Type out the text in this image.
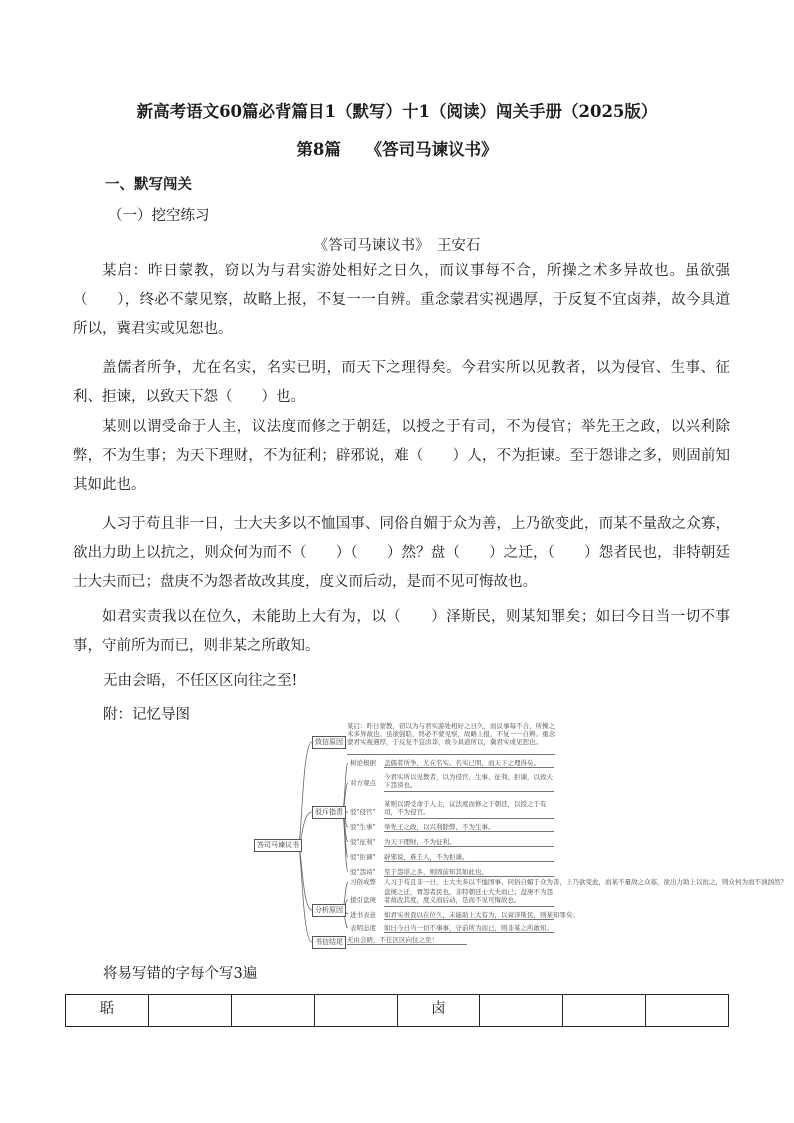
新高考语文60篇必背篇目1（默写）十1（阅读）闯关手册（2025版）
第8篇　　《答司马谏议书》
一、默写闯关
（一）挖空练习
《答司马谏议书》　王安石
某启：昨日蒙教，窃以为与君实游处相好之日久，而议事每不合，所操之术多异故也。虽欲强（　　），终必不蒙见察，故略上报，不复一一自辨。重念蒙君实视遇厚，于反复不宜卤莽，故今具道所以，冀君实或见恕也。
盖儒者所争，尤在名实，名实已明，而天下之理得矣。今君实所以见教者，以为侵官、生事、征利、拒谏，以致天下怨（　　）也。
某则以谓受命于人主，议法度而修之于朝廷，以授之于有司，不为侵官；举先王之政，以兴利除弊，不为生事；为天下理财，不为征利；辟邪说，难（　　）人，不为拒谏。至于怨诽之多，则固前知其如此也。
人习于苟且非一日，士大夫多以不恤国事、同俗自媚于众为善，上乃欲变此，而某不量敌之众寡，欲出力助上以抗之，则众何为而不（　　）（　　）然？盘（　　）之迁，（　　）怨者民也，非特朝廷士大夫而已；盘庚不为怨者故改其度，度义而后动，是而不见可悔故也。
如君实责我以在位久，未能助上大有为，以（　　）泽斯民，则某知罪矣；如曰今日当一切不事事，守前所为而已，则非某之所敢知。
无由会晤，不任区区向往之至!
附：记忆导图
答司马谏议书
致信原因
某启：昨日蒙教，窃以为与君实游处相好之日久，而议事每不合，所操之术多异故也。虽欲强聒，终必不蒙见察，故略上报，不复一一自辨。重念蒙君实视遇厚，于反复不宜卤莽，故今具道所以，冀君实或见恕也。
驳斥指责
树论根据 盖儒者所争，尤在名实。名实已明，而天下之理得矣。
对方观点
今君实所以见教者，以为侵官、生事、征利、拒谏，以致天下怨谤也。
驳"侵官"
某则以谓受命于人主，议法度而修之于朝廷，以授之于有司，不为侵官。
驳"生事" 举先王之政，以兴利除弊，不为生事。
驳"征利" 为天下理财，不为征利。
驳"拒谏" 辟邪说，难壬人，不为拒谏。
驳"怨谤" 至于怨诽之多，则固前知其如此也。
分析原因
习俗成弊 人习于苟且非一日，士大夫多以不恤国事、同俗自媚于众为善，上乃欲变此，而某不量敌之众寡，欲出力助上以抗之，则众何为而不汹汹然？
援引盘庚
盘庚之迁，胥怨者民也，非特朝廷士大夫而已；盘庚不为怨者故改其度，度义而后动，是而不见可悔故也。
进书表意 如君实责我以在位久，未能助上大有为，以膏泽斯民，则某知罪矣；
表明态度 如曰今日当一切不事事，守前所为而已，则非某之所敢知。
书信结尾 无由会晤，不任区区向往之至！
将易写错的字每个写3遍
聒				卤			
